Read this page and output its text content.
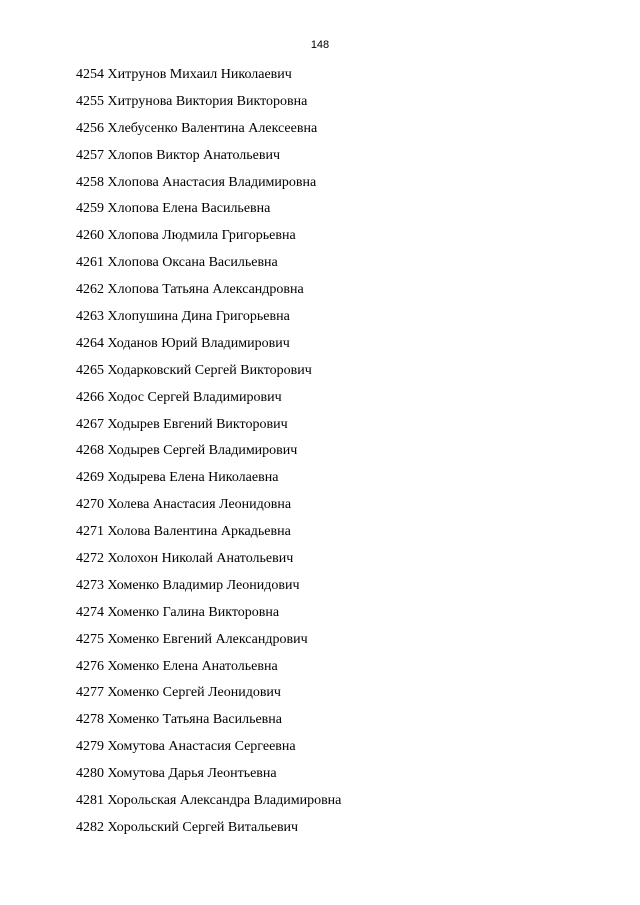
148
4254 Хитрунов Михаил Николаевич
4255 Хитрунова Виктория Викторовна
4256 Хлебусенко Валентина Алексеевна
4257 Хлопов Виктор Анатольевич
4258 Хлопова Анастасия Владимировна
4259 Хлопова Елена Васильевна
4260 Хлопова Людмила Григорьевна
4261 Хлопова Оксана Васильевна
4262 Хлопова Татьяна Александровна
4263 Хлопушина Дина Григорьевна
4264 Ходанов Юрий Владимирович
4265 Ходарковский Сергей Викторович
4266 Ходос Сергей Владимирович
4267 Ходырев Евгений Викторович
4268 Ходырев Сергей Владимирович
4269 Ходырева Елена Николаевна
4270 Холева Анастасия Леонидовна
4271 Холова Валентина Аркадьевна
4272 Холохон Николай Анатольевич
4273 Хоменко Владимир Леонидович
4274 Хоменко Галина Викторовна
4275 Хоменко Евгений Александрович
4276 Хоменко Елена Анатольевна
4277 Хоменко Сергей Леонидович
4278 Хоменко Татьяна Васильевна
4279 Хомутова Анастасия Сергеевна
4280 Хомутова Дарья Леонтьевна
4281 Хорольская Александра Владимировна
4282 Хорольский Сергей Витальевич
